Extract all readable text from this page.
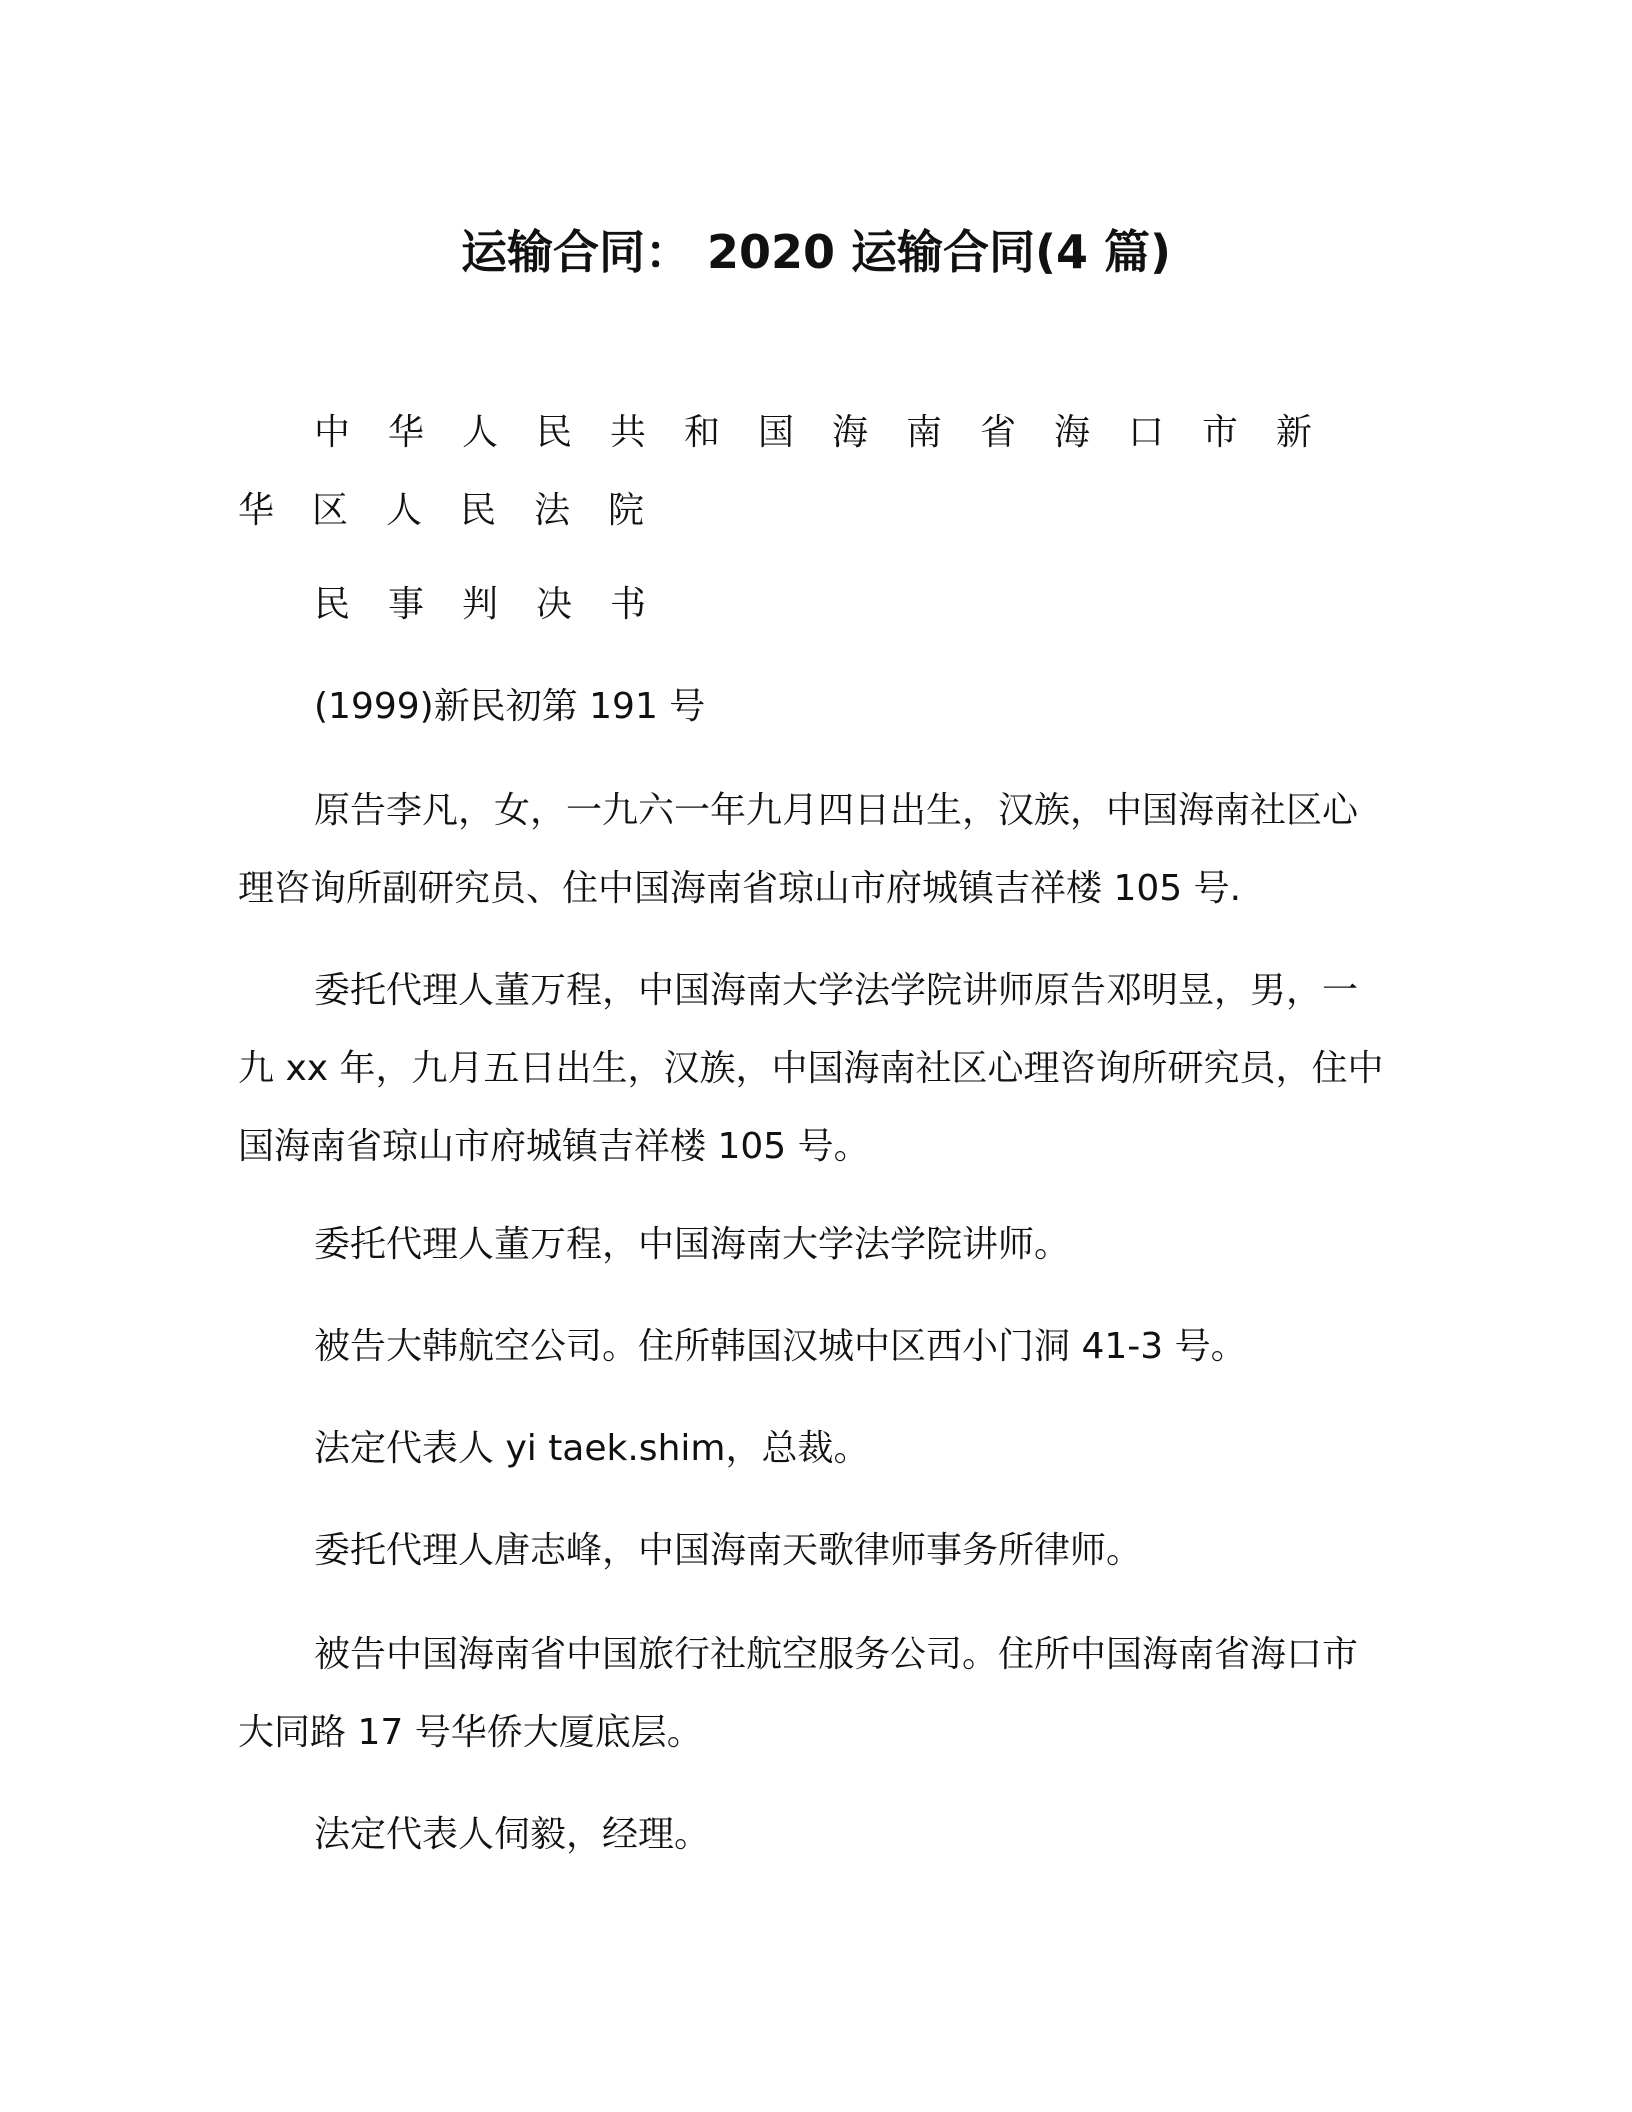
运输合同： 2020 运输合同(4 篇)
中华人民共和国海南省海口市新华区人民法院
民事判决书
(1999)新民初第 191 号
原告李凡，女，一九六一年九月四日出生，汉族，中国海南社区心理咨询所副研究员、住中国海南省琼山市府城镇吉祥楼 105 号.
委托代理人董万程，中国海南大学法学院讲师原告邓明昱，男，一九 xx 年，九月五日出生，汉族，中国海南社区心理咨询所研究员，住中国海南省琼山市府城镇吉祥楼 105 号。
委托代理人董万程，中国海南大学法学院讲师。
被告大韩航空公司。住所韩国汉城中区西小门洞 41-3 号。
法定代表人 yi taek.shim，总裁。
委托代理人唐志峰，中国海南天歌律师事务所律师。
被告中国海南省中国旅行社航空服务公司。住所中国海南省海口市大同路 17 号华侨大厦底层。
法定代表人伺毅，经理。
